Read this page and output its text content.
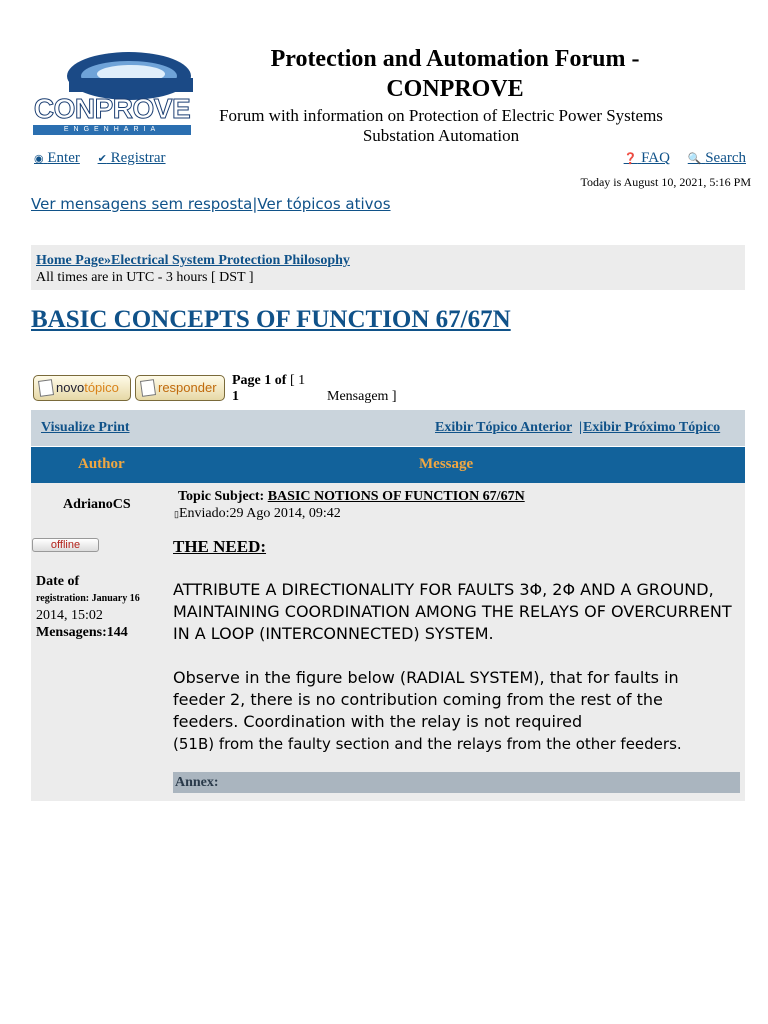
CONPROVE
ENGENHARIA
Protection and Automation Forum - CONPROVE
Forum with information on Protection of Electric Power Systems
Substation Automation
◉ Enter ✔ Registrar	❓ FAQ 🔍 Search
Today is August 10, 2021, 5:16 PM
Ver mensagens sem resposta|Ver tópicos ativos
Home Page»Electrical System Protection Philosophy
All times are in UTC - 3 hours [ DST ]
BASIC CONCEPTS OF FUNCTION 67/67N
novotópico	responder	Page 1 of [ 1
1	Mensagem ]
Visualize Print	Exibir Tópico Anterior | Exibir Próximo Tópico
Author	Message
AdrianoCS
offline
Date of
registration: January 16
2014, 15:02
Mensagens:144
Topic Subject: BASIC NOTIONS OF FUNCTION 67/67N
▯Enviado:29 Ago 2014, 09:42
THE NEED:

ATTRIBUTE A DIRECTIONALITY FOR FAULTS 3Φ, 2Φ AND A GROUND, MAINTAINING COORDINATION AMONG THE RELAYS OF OVERCURRENT IN A LOOP (INTERCONNECTED) SYSTEM.

Observe in the figure below (RADIAL SYSTEM), that for faults in feeder 2, there is no contribution coming from the rest of the feeders. Coordination with the relay is not required

(51B) from the faulty section and the relays from the other feeders.
Annex:
